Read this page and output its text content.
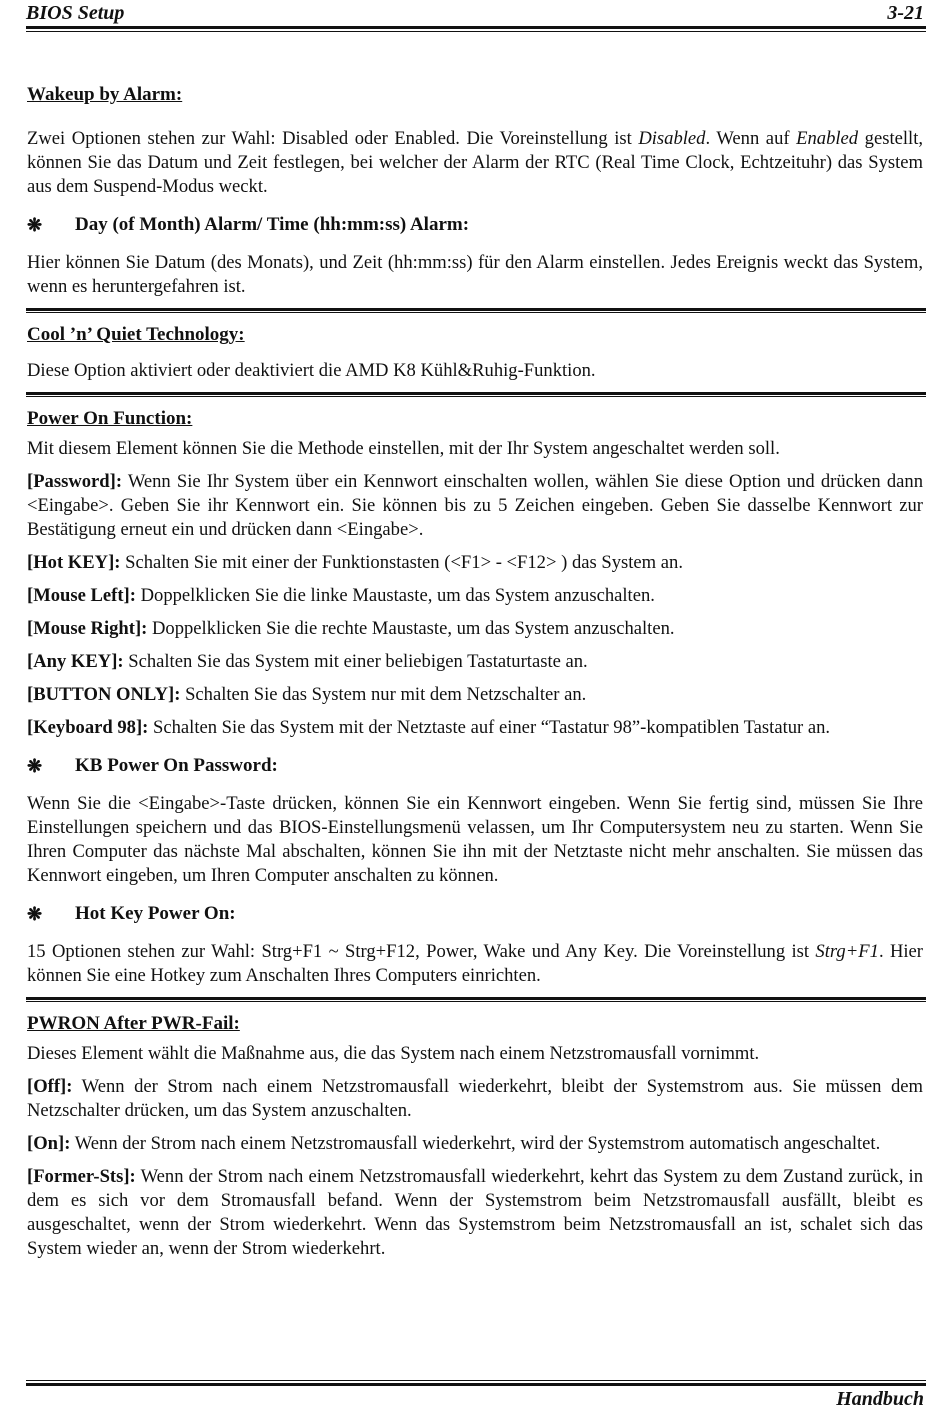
BIOS Setup	3-21
Wakeup by Alarm:

Zwei Optionen stehen zur Wahl: Disabled oder Enabled. Die Voreinstellung ist Disabled. Wenn auf Enabled gestellt, können Sie das Datum und Zeit festlegen, bei welcher der Alarm der RTC (Real Time Clock, Echtzeituhr) das System aus dem Suspend-Modus weckt.

❋	Day (of Month) Alarm/ Time (hh:mm:ss) Alarm:

Hier können Sie Datum (des Monats), und Zeit (hh:mm:ss) für den Alarm einstellen. Jedes Ereignis weckt das System, wenn es heruntergefahren ist.

Cool ’n’ Quiet Technology:

Diese Option aktiviert oder deaktiviert die AMD K8 Kühl&Ruhig-Funktion.

Power On Function:

Mit diesem Element können Sie die Methode einstellen, mit der Ihr System angeschaltet werden soll.

[Password]: Wenn Sie Ihr System über ein Kennwort einschalten wollen, wählen Sie diese Option und drücken dann <Eingabe>. Geben Sie ihr Kennwort ein. Sie können bis zu 5 Zeichen eingeben. Geben Sie dasselbe Kennwort zur Bestätigung erneut ein und drücken dann <Eingabe>.

[Hot KEY]: Schalten Sie mit einer der Funktionstasten (<F1> - <F12> ) das System an.

[Mouse Left]: Doppelklicken Sie die linke Maustaste, um das System anzuschalten.

[Mouse Right]: Doppelklicken Sie die rechte Maustaste, um das System anzuschalten.

[Any KEY]: Schalten Sie das System mit einer beliebigen Tastaturtaste an.

[BUTTON ONLY]: Schalten Sie das System nur mit dem Netzschalter an.

[Keyboard 98]: Schalten Sie das System mit der Netztaste auf einer “Tastatur 98”-kompatiblen Tastatur an.

❋	KB Power On Password:

Wenn Sie die <Eingabe>-Taste drücken, können Sie ein Kennwort eingeben. Wenn Sie fertig sind, müssen Sie Ihre Einstellungen speichern und das BIOS-Einstellungsmenü velassen, um Ihr Computersystem neu zu starten. Wenn Sie Ihren Computer das nächste Mal abschalten, können Sie ihn mit der Netztaste nicht mehr anschalten. Sie müssen das Kennwort eingeben, um Ihren Computer anschalten zu können.

❋	Hot Key Power On:

15 Optionen stehen zur Wahl: Strg+F1 ~ Strg+F12, Power, Wake und Any Key. Die Voreinstellung ist Strg+F1. Hier können Sie eine Hotkey zum Anschalten Ihres Computers einrichten.

PWRON After PWR-Fail:

Dieses Element wählt die Maßnahme aus, die das System nach einem Netzstromausfall vornimmt.

[Off]: Wenn der Strom nach einem Netzstromausfall wiederkehrt, bleibt der Systemstrom aus. Sie müssen dem Netzschalter drücken, um das System anzuschalten.

[On]: Wenn der Strom nach einem Netzstromausfall wiederkehrt, wird der Systemstrom automatisch angeschaltet.

[Former-Sts]: Wenn der Strom nach einem Netzstromausfall wiederkehrt, kehrt das System zu dem Zustand zurück, in dem es sich vor dem Stromausfall befand. Wenn der Systemstrom beim Netzstromausfall ausfällt, bleibt es ausgeschaltet, wenn der Strom wiederkehrt. Wenn das Systemstrom beim Netzstromausfall an ist, schalet sich das System wieder an, wenn der Strom wiederkehrt.

Handbuch
